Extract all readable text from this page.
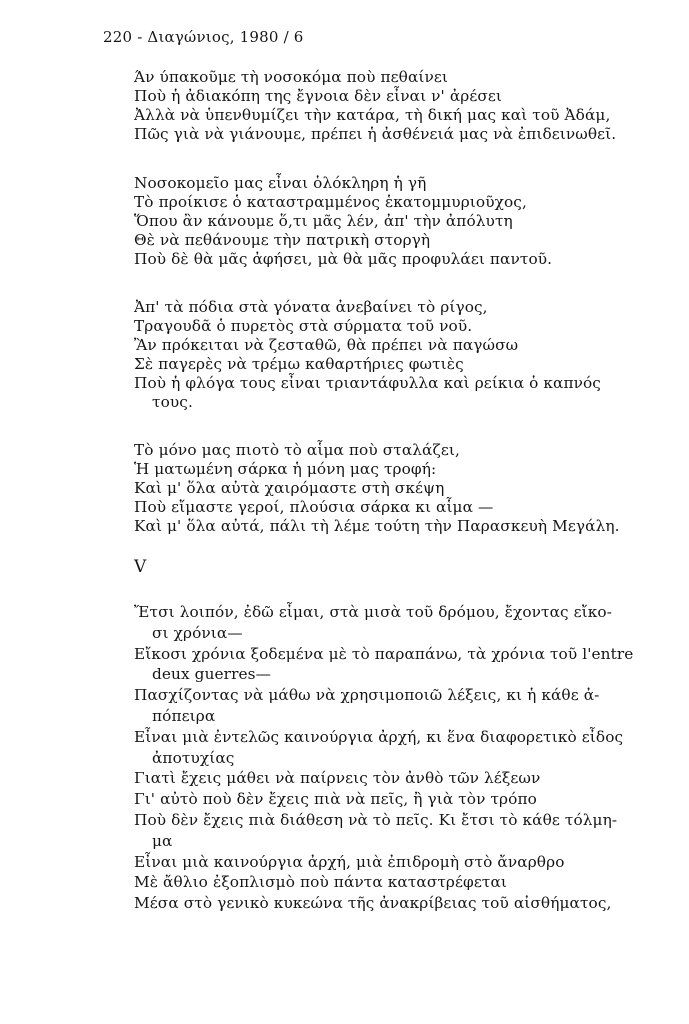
220 - Διαγώνιος, 1980 / 6
Άν ύπακοῦμε τὴ νοσοκόμα ποὺ πεθαίνει
Ποὺ ἡ ἀδιακόπη της ἔγνοια δὲν εἶναι ν' ἀρέσει
Ἀλλὰ νὰ ὑπενθυμίζει τὴν κατάρα, τὴ δική μας καὶ τοῦ Ἀδάμ,
Πῶς γιὰ νὰ γιάνουμε, πρέπει ἡ ἀσθένειά μας νὰ ἐπιδεινωθεῖ.
Νοσοκομεῖο μας εἶναι ὁλόκληρη ἡ γῆ
Τὸ προίκισε ὁ καταστραμμένος ἑκατομμυριοῦχος,
Ὅπου ἂν κάνουμε ὅ,τι μᾶς λέν, ἀπ' τὴν ἀπόλυτη
Θὲ νὰ πεθάνουμε τὴν πατρικὴ στοργὴ
Ποὺ δὲ θὰ μᾶς ἀφήσει, μὰ θὰ μᾶς προφυλάει παντοῦ.
Ἀπ' τὰ πόδια στὰ γόνατα ἀνεβαίνει τὸ ρίγος,
Τραγουδᾶ ὁ πυρετὸς στὰ σύρματα τοῦ νοῦ.
Ἂν πρόκειται νὰ ζεσταθῶ, θὰ πρέπει νὰ παγώσω
Σὲ παγερὲς νὰ τρέμω καθαρτήριες φωτιὲς
Ποὺ ἡ φλόγα τους εἶναι τριαντάφυλλα καὶ ρείκια ὁ καπνός
τους.
Τὸ μόνο μας πιοτὸ τὸ αἷμα ποὺ σταλάζει,
Ἡ ματωμένη σάρκα ἡ μόνη μας τροφή:
Καὶ μ' ὅλα αὐτὰ χαιρόμαστε στὴ σκέψη
Ποὺ εἴμαστε γεροί, πλούσια σάρκα κι αἷμα —
Καὶ μ' ὅλα αὐτά, πάλι τὴ λέμε τούτη τὴν Παρασκευὴ Μεγάλη.
V
Ἔτσι λοιπόν, ἐδῶ εἶμαι, στὰ μισὰ τοῦ δρόμου, ἔχοντας εἴκο-
σι χρόνια—
Εἴκοσι χρόνια ξοδεμένα μὲ τὸ παραπάνω, τὰ χρόνια τοῦ l'entre
deux guerres—
Πασχίζοντας νὰ μάθω νὰ χρησιμοποιῶ λέξεις, κι ἡ κάθε ἀ-
πόπειρα
Εἶναι μιὰ ἐντελῶς καινούργια ἀρχή, κι ἕνα διαφορετικὸ εἶδος
ἀποτυχίας
Γιατὶ ἔχεις μάθει νὰ παίρνεις τὸν ἀνθὸ τῶν λέξεων
Γι' αὐτὸ ποὺ δὲν ἔχεις πιὰ νὰ πεῖς, ἢ γιὰ τὸν τρόπο
Ποὺ δὲν ἔχεις πιὰ διάθεση νὰ τὸ πεῖς. Κι ἔτσι τὸ κάθε τόλμη-
μα
Εἶναι μιὰ καινούργια ἀρχή, μιὰ ἐπιδρομὴ στὸ ἄναρθρο
Μὲ ἄθλιο ἐξοπλισμὸ ποὺ πάντα καταστρέφεται
Μέσα στὸ γενικὸ κυκεώνα τῆς ἀνακρίβειας τοῦ αἰσθήματος,
